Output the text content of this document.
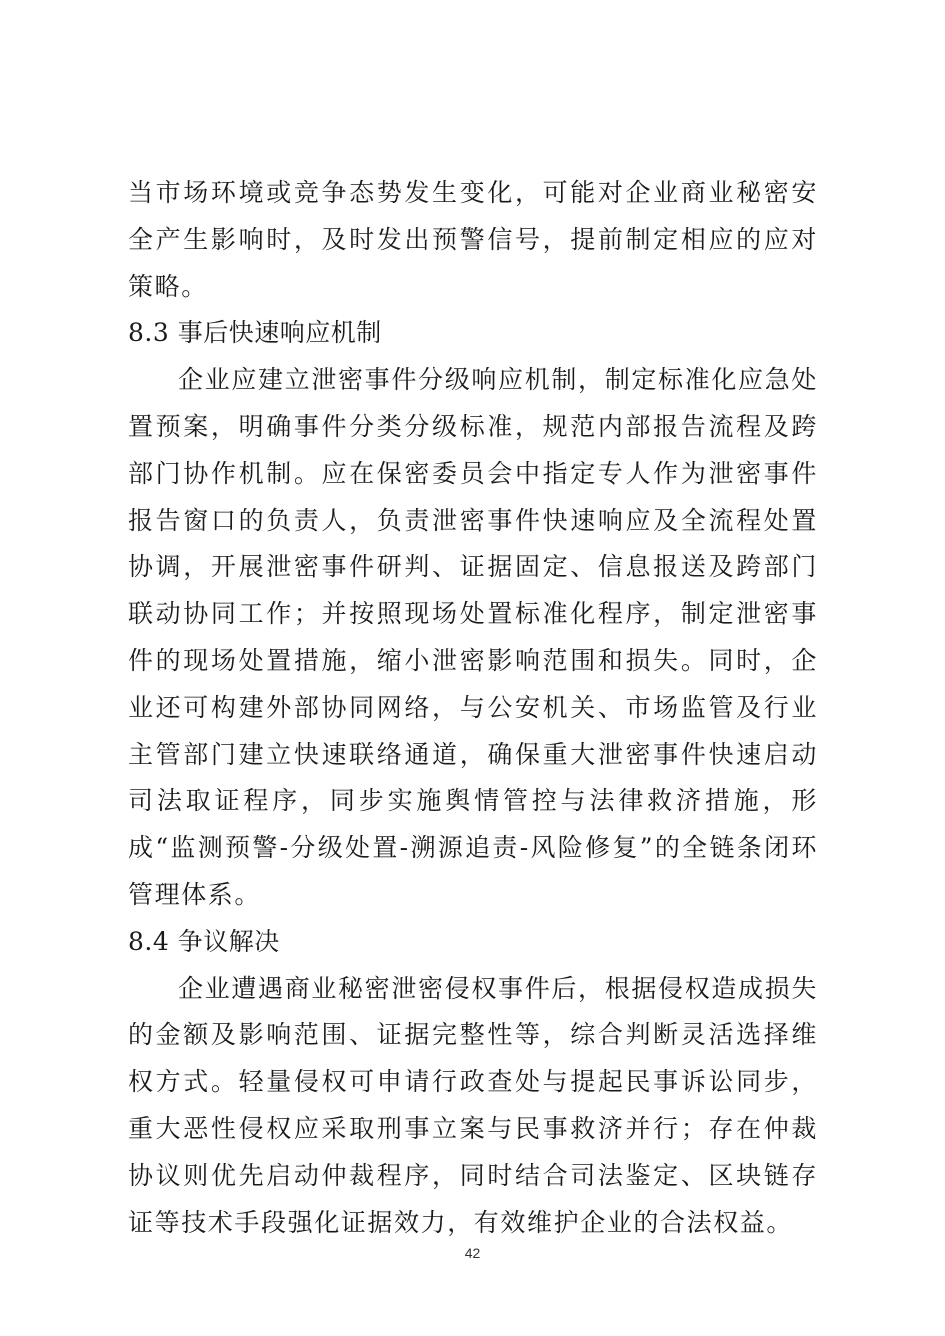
当市场环境或竞争态势发生变化，可能对企业商业秘密安全产生影响时，及时发出预警信号，提前制定相应的应对策略。

8.3 事后快速响应机制

企业应建立泄密事件分级响应机制，制定标准化应急处置预案，明确事件分类分级标准，规范内部报告流程及跨部门协作机制。应在保密委员会中指定专人作为泄密事件报告窗口的负责人，负责泄密事件快速响应及全流程处置协调，开展泄密事件研判、证据固定、信息报送及跨部门联动协同工作；并按照现场处置标准化程序，制定泄密事件的现场处置措施，缩小泄密影响范围和损失。同时，企业还可构建外部协同网络，与公安机关、市场监管及行业主管部门建立快速联络通道，确保重大泄密事件快速启动司法取证程序，同步实施舆情管控与法律救济措施，形成“监测预警-分级处置-溯源追责-风险修复”的全链条闭环管理体系。

8.4 争议解决

企业遭遇商业秘密泄密侵权事件后，根据侵权造成损失的金额及影响范围、证据完整性等，综合判断灵活选择维权方式。轻量侵权可申请行政查处与提起民事诉讼同步，重大恶性侵权应采取刑事立案与民事救济并行；存在仲裁协议则优先启动仲裁程序，同时结合司法鉴定、区块链存证等技术手段强化证据效力，有效维护企业的合法权益。

42
